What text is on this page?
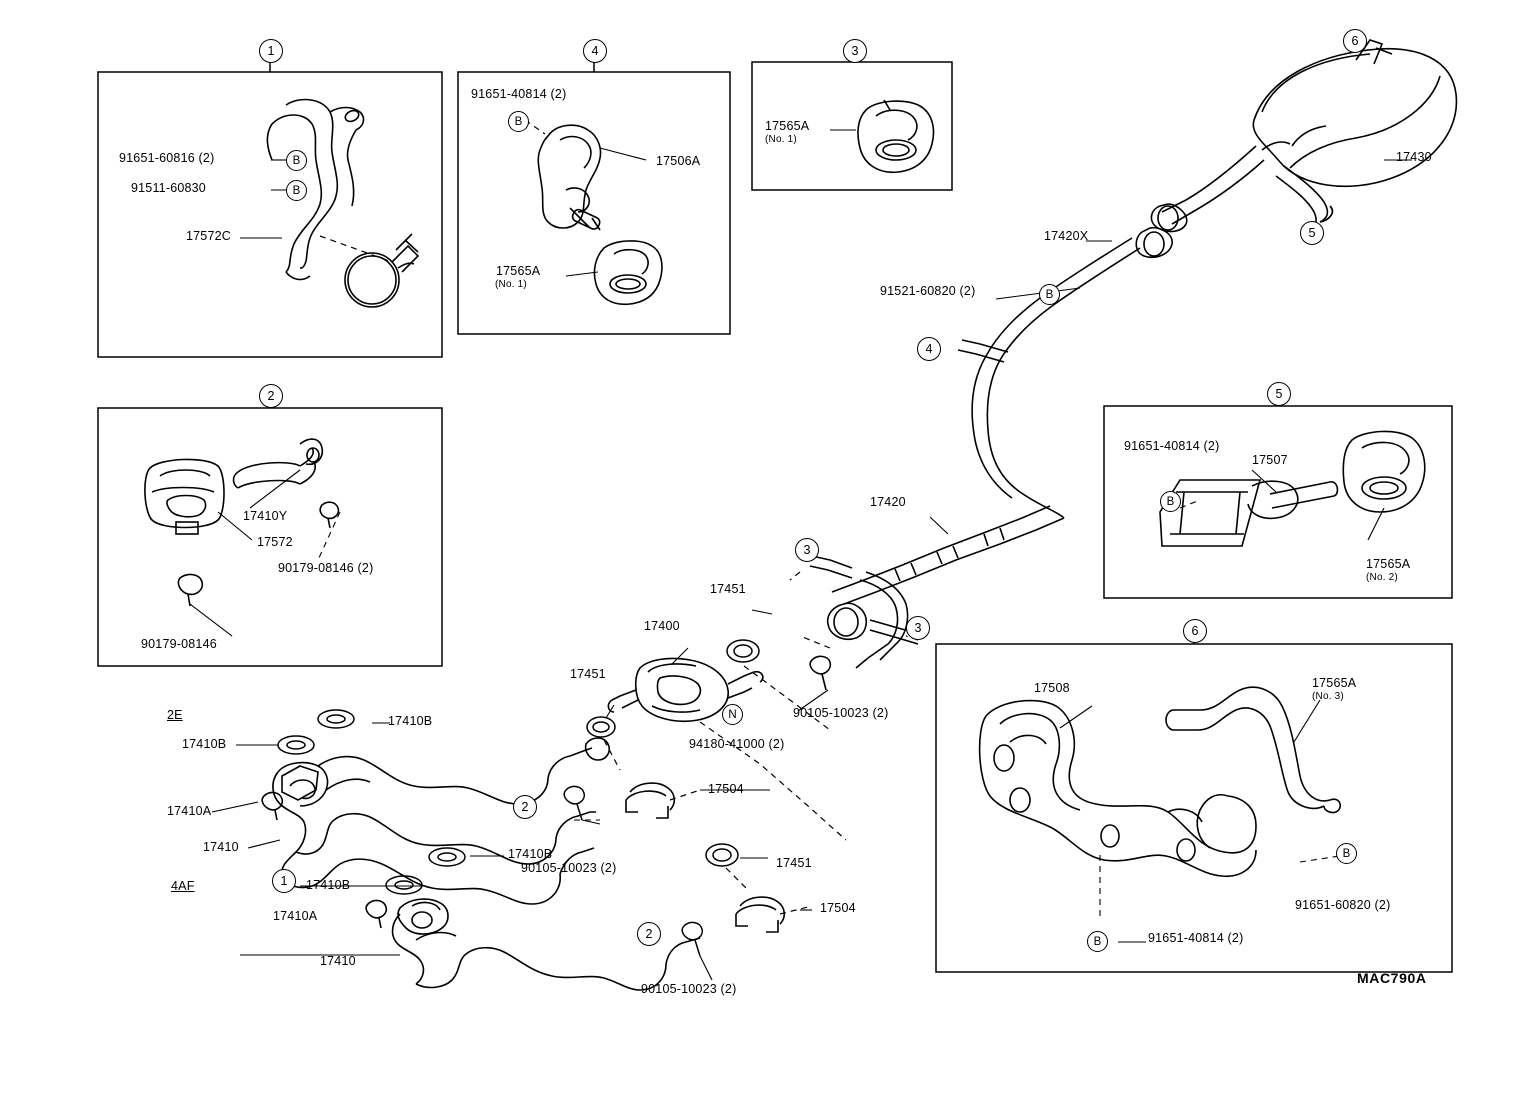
1	4	3
6
2	5
6
5
4
3
3
1
2
2
B
B
B
B
B
B
B
N
91651-60816 (2)
91511-60830
17572C
91651-40814 (2)
17506A
17565A
(No. 1)
17565A
(No. 1)
17410Y
17572
90179-08146 (2)
90179-08146
91651-40814 (2)
17507
17565A
(No. 2)
17508	17565A
(No. 3)
91651-60820 (2)
91651-40814 (2)
17430
17420X
91521-60820 (2)
17420
17451
17400
17451
90105-10023 (2)
94180-41000 (2)
17504
17410B
17410B
17410A
17410	17410B
90105-10023 (2)
17410B
17410A
17410
17451
17504
90105-10023 (2)
2E
4AF
MAC790A
